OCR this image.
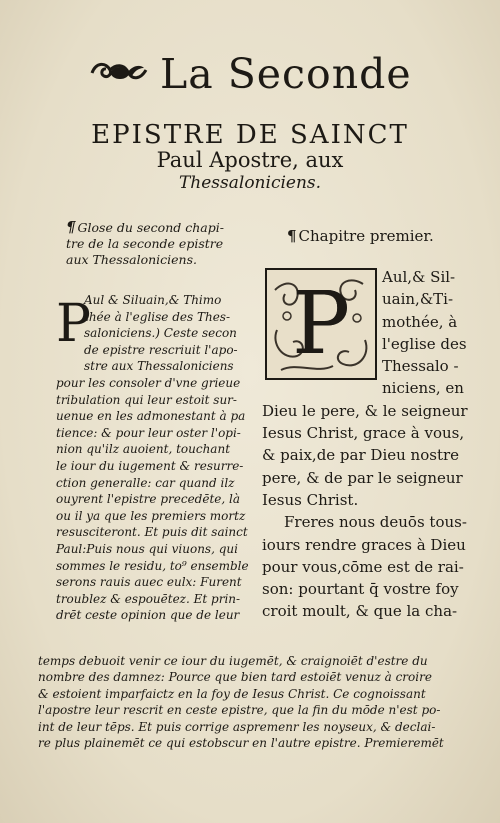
La Seconde
EPISTRE DE SAINCT
Paul Apostre, aux
Thessaloniciens.
¶ Glose du second chapi-
tre de la seconde epistre
aux Thessaloniciens.
¶ Chapitre premier.
P
Aul & Siluain,& Thimo
thée à l'eglise des Thes-
saloniciens.) Ceste secon
de epistre rescriuit l'apo-
stre aux Thessaloniciens
pour les consoler d'vne grieue
tribulation qui leur estoit sur-
uenue en les admonestant à pa
tience: & pour leur oster l'opi-
nion qu'ilz auoient, touchant
le iour du iugement & resurre-
ction generalle: car quand ilz
ouyrent l'epistre precedēte, là
ou il ya que les premiers mortz
resusciteront. Et puis dit sainct
Paul:Puis nous qui viuons, qui
sommes le residu, to⁹ ensemble
serons rauis auec eulx: Furent
troublez & espouētez. Et prin-
drēt ceste opinion que de leur
P	Aul,& Sil-
uain,&Ti-
mothée, à
l'eglise des
Thessalo -
niciens, en
Dieu le pere, & le seigneur
Iesus Christ, grace à vous,
& paix,de par Dieu nostre
pere, & de par le seigneur
Iesus Christ.
Freres nous deuōs tous-
iours rendre graces à Dieu
pour vous,cōme est de rai-
son: pourtant q̄ vostre foy
croit moult, & que la cha-
temps debuoit venir ce iour du iugemēt, & craignoiēt d'estre du
nombre des damnez: Pource que bien tard estoiēt venuz à croire
& estoient imparfaictz en la foy de Iesus Christ. Ce cognoissant
l'apostre leur rescrit en ceste epistre, que la fin du mōde n'est po-
int de leur tēps. Et puis corrige aspremenr les noyseux, & declai-
re plus plainemēt ce qui estobscur en l'autre epistre. Premieremēt
